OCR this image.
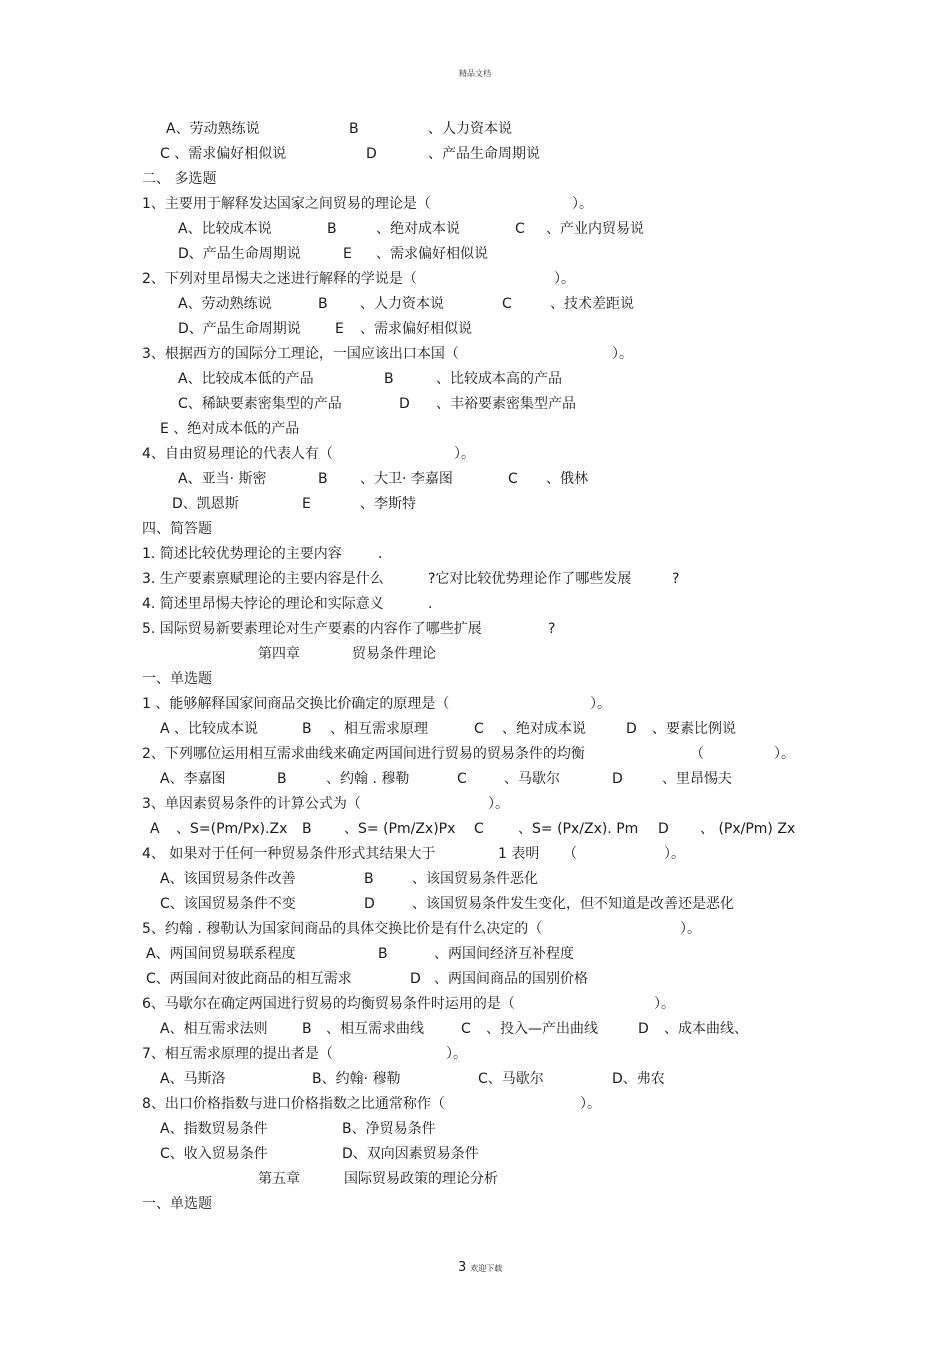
精品文档
A、劳动熟练说	B	、人力资本说
C 、需求偏好相似说	D	、产品生命周期说
二、 多选题
1、主要用于解释发达国家之间贸易的理论是（	）。
A、比较成本说	B	、绝对成本说	C 、产业内贸易说
D、产品生命周期说	E 、需求偏好相似说
2、下列对里昂惕夫之迷进行解释的学说是（	）。
A、劳动熟练说	B 、人力资本说	C	、技术差距说
D、产品生命周期说 E 、需求偏好相似说
3、根据西方的国际分工理论，一国应该出口本国（	）。
A、比较成本低的产品	B	、比较成本高的产品
C、稀缺要素密集型的产品	D 、丰裕要素密集型产品
E 、绝对成本低的产品
4、自由贸易理论的代表人有（	）。
A、亚当· 斯密	B 、大卫· 李嘉图	C 、俄林
D、凯恩斯	E	、李斯特
四、简答题
1. 简述比较优势理论的主要内容	.
3. 生产要素禀赋理论的主要内容是什么	?它对比较优势理论作了哪些发展	?
4. 简述里昂惕夫悖论的理论和实际意义	.
5. 国际贸易新要素理论对生产要素的内容作了哪些扩展	?
第四章	贸易条件理论
一、单选题
1 、能够解释国家间商品交换比价确定的原理是（	）。
A 、比较成本说	B 、相互需求原理	C 、绝对成本说	D 、要素比例说
2、下列哪位运用相互需求曲线来确定两国间进行贸易的贸易条件的均衡	（	）。
A、李嘉图	B	、约翰 . 穆勒	C	、马歇尔	D	、里昂惕夫
3、单因素贸易条件的计算公式为（	）。
A 、S=(Pm/Px).Zx B 、S= (Pm/Zx)Px C 、S= (Px/Zx). Pm D 、 (Px/Pm) Zx
4、 如果对于任何一种贸易条件形式其结果大于	1 表明 （	）。
A、该国贸易条件改善	B	、该国贸易条件恶化
C、该国贸易条件不变	D	、该国贸易条件发生变化，但不知道是改善还是恶化
5、约翰 . 穆勒认为国家间商品的具体交换比价是有什么决定的（	）。
A、两国间贸易联系程度	B	、两国间经济互补程度
C、两国间对彼此商品的相互需求	D 、两国间商品的国别价格
6、马歇尔在确定两国进行贸易的均衡贸易条件时运用的是（	）。
A、相互需求法则 B 、相互需求曲线	C 、投入—产出曲线	D 、成本曲线、
7、相互需求原理的提出者是（	）。
A、马斯洛	B、约翰· 穆勒	C、马歇尔	D、弗农
8、出口价格指数与进口价格指数之比通常称作（	）。
A、指数贸易条件	B、净贸易条件
C、收入贸易条件	D、双向因素贸易条件
第五章	国际贸易政策的理论分析
一、单选题
3 欢迎下载
